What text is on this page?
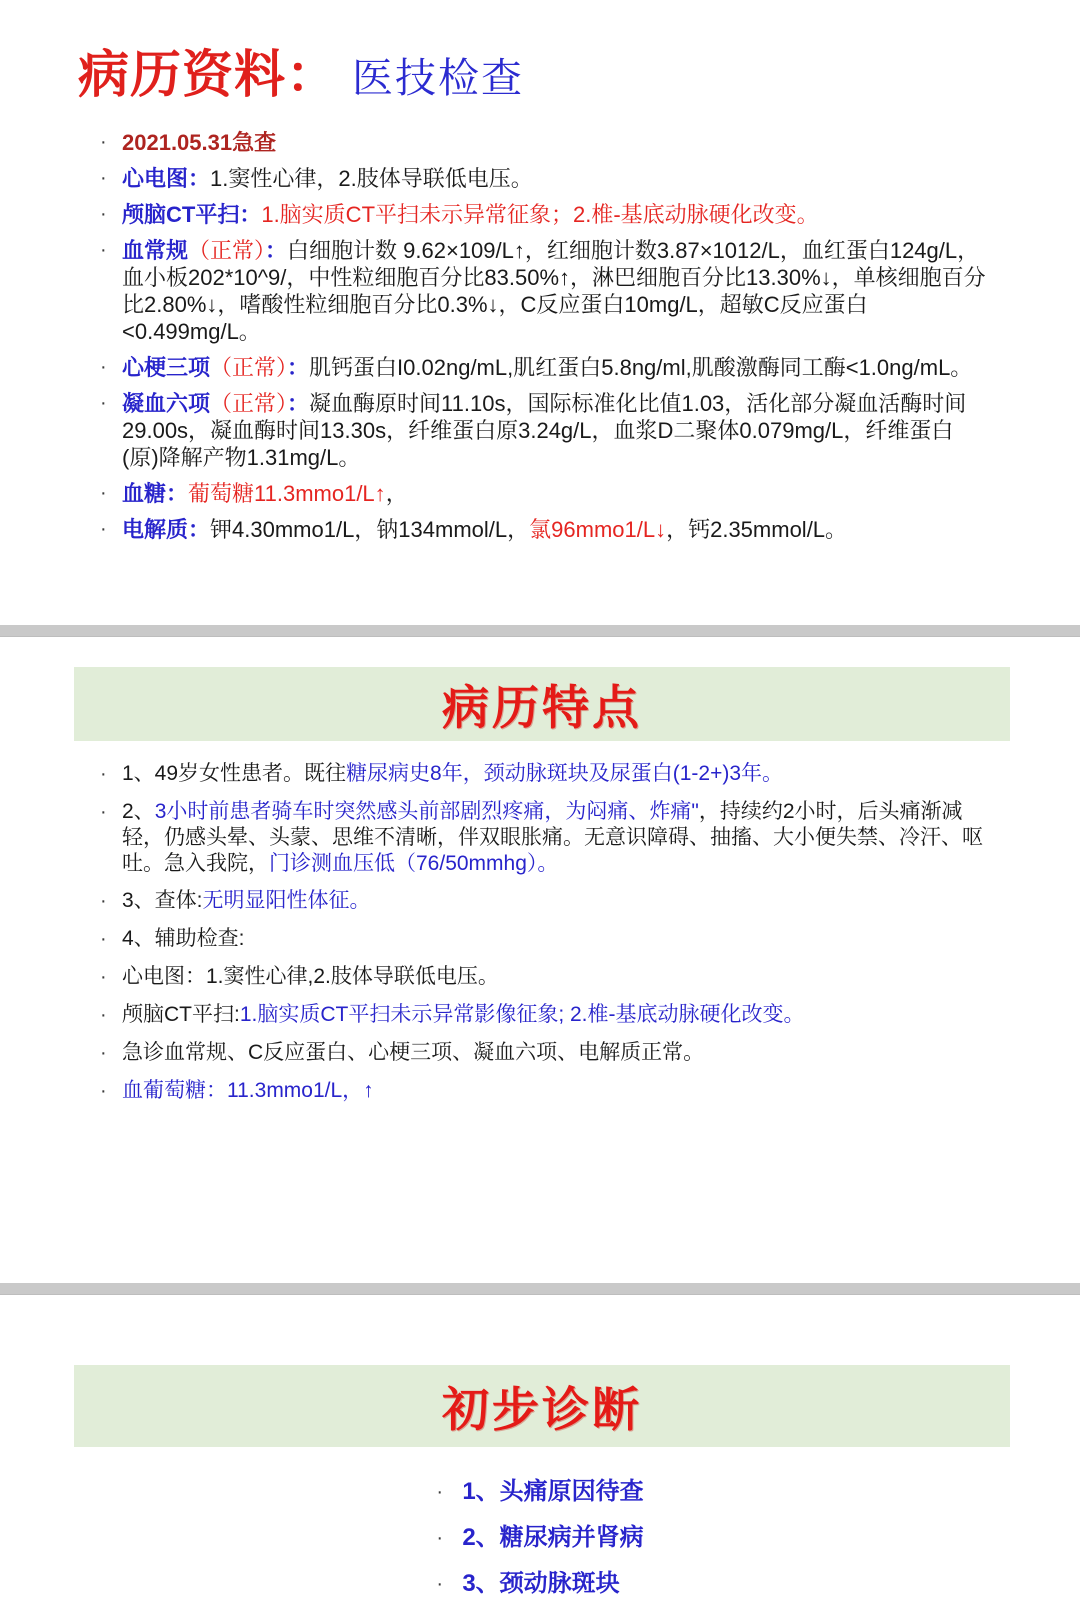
病历资料： 医技检查
· 2021.05.31急查
· 心电图：1.窦性心律，2.肢体导联低电压。
· 颅脑CT平扫：1.脑实质CT平扫未示异常征象；2.椎-基底动脉硬化改变。
· 血常规（正常）：白细胞计数 9.62×109/L↑，红细胞计数3.87×1012/L，血红蛋白124g/L，血小板202*10^9/，中性粒细胞百分比83.50%↑，淋巴细胞百分比13.30%↓，单核细胞百分比2.80%↓，嗜酸性粒细胞百分比0.3%↓，C反应蛋白10mg/L，超敏C反应蛋白<0.499mg/L。
· 心梗三项（正常）：肌钙蛋白I0.02ng/mL,肌红蛋白5.8ng/ml,肌酸激酶同工酶<1.0ng/mL。
· 凝血六项（正常）：凝血酶原时间11.10s，国际标准化比值1.03，活化部分凝血活酶时间29.00s，凝血酶时间13.30s，纤维蛋白原3.24g/L，血浆D二聚体0.079mg/L，纤维蛋白(原)降解产物1.31mg/L。
· 血糖：葡萄糖11.3mmo1/L↑，
· 电解质：钾4.30mmo1/L，钠134mmol/L，氯96mmo1/L↓，钙2.35mmol/L。
病历特点
· 1、49岁女性患者。既往糖尿病史8年，颈动脉斑块及尿蛋白(1-2+)3年。
· 2、3小时前患者骑车时突然感头前部剧烈疼痛，为闷痛、炸痛"，持续约2小时，后头痛渐减轻，仍感头晕、头蒙、思维不清晰，伴双眼胀痛。无意识障碍、抽搐、大小便失禁、冷汗、呕吐。急入我院，门诊测血压低（76/50mmhg）。
· 3、查体:无明显阳性体征。
· 4、辅助检查:
· 心电图：1.窦性心律,2.肢体导联低电压。
· 颅脑CT平扫:1.脑实质CT平扫未示异常影像征象; 2.椎-基底动脉硬化改变。
· 急诊血常规、C反应蛋白、心梗三项、凝血六项、电解质正常。
· 血葡萄糖：11.3mmo1/L，↑
初步诊断
· 1、头痛原因待查
· 2、糖尿病并肾病
· 3、颈动脉斑块
